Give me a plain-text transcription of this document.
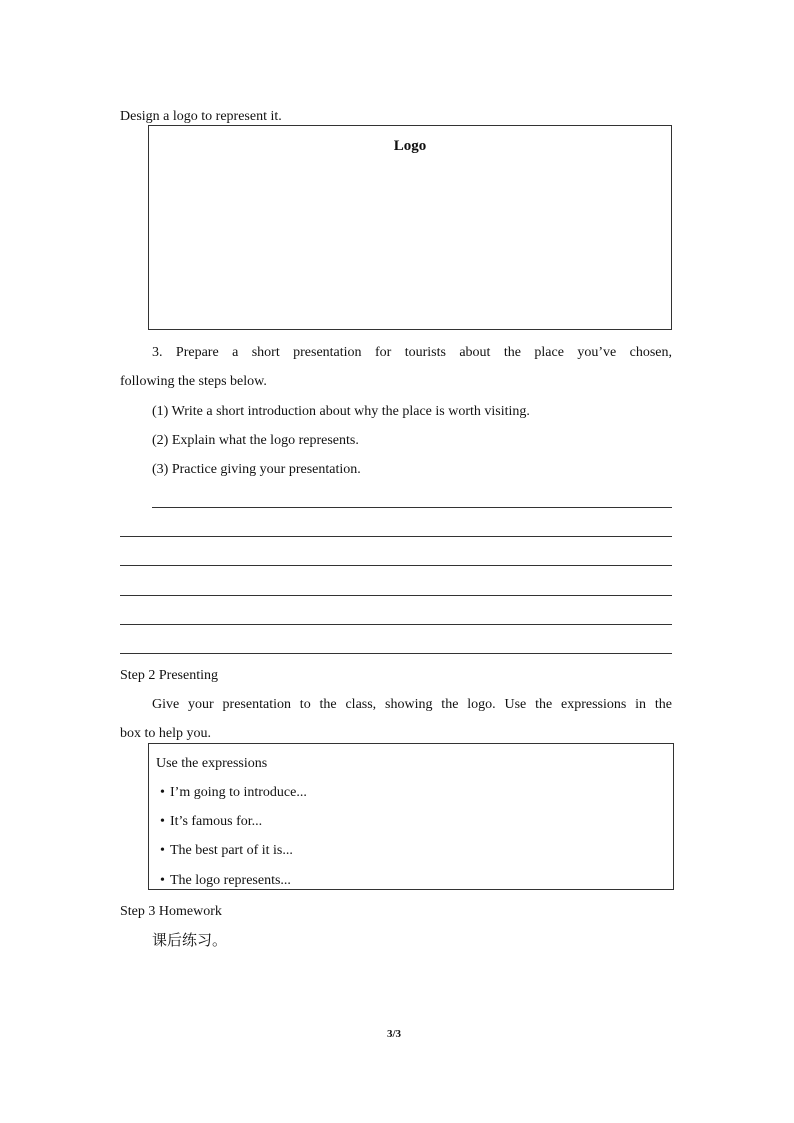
Design a logo to represent it.
Logo
3. Prepare a short presentation for tourists about the place you’ve chosen,
following the steps below.
(1) Write a short introduction about why the place is worth visiting.
(2) Explain what the logo represents.
(3) Practice giving your presentation.
Step 2 Presenting
Give your presentation to the class, showing the logo. Use the expressions in the
box to help you.
Use the expressions
• I’m going to introduce...
• It’s famous for...
• The best part of it is...
• The logo represents...
Step 3 Homework
课后练习。
3/3
